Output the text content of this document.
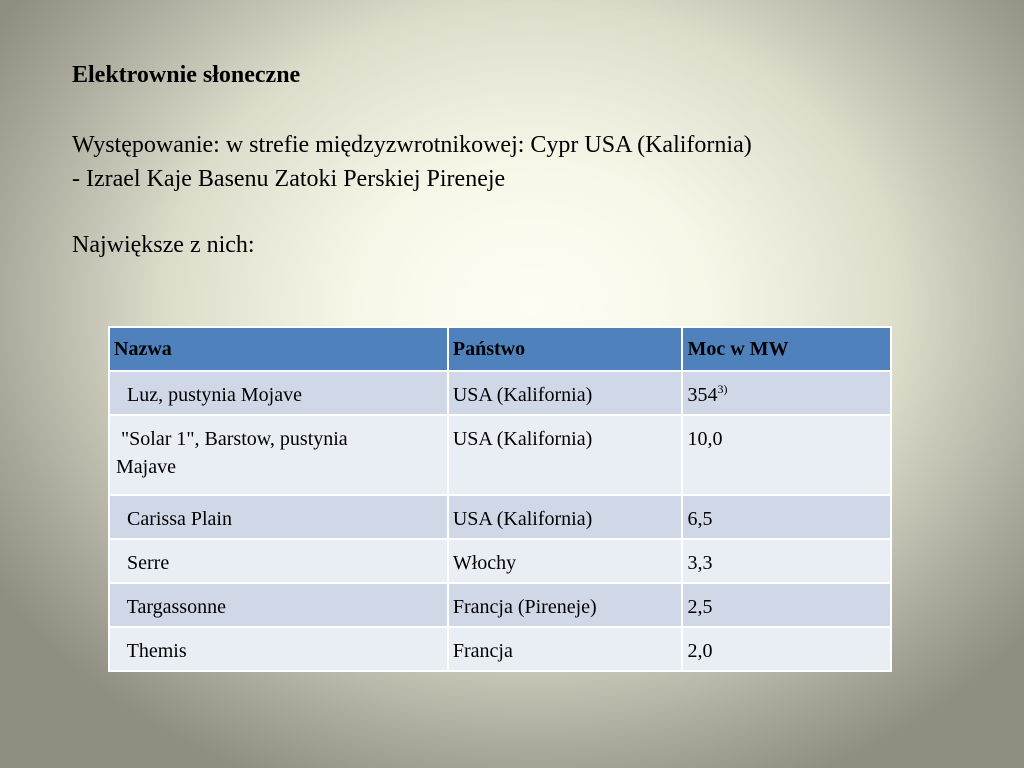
Elektrownie słoneczne

Występowanie: w strefie międzyzwrotnikowej: Cypr USA (Kalifornia)

- Izrael Kaje Basenu Zatoki Perskiej Pireneje

Największe z nich:

Nazwa	Państwo	Moc w MW

Luz, pustynia Mojave	USA (Kalifornia)	354$^{3)}$

"Solar 1", Barstow, pustynia
Majave	USA (Kalifornia)	10,0

Carissa Plain	USA (Kalifornia)	6,5

Serre	Włochy	3,3

Targassonne	Francja (Pireneje)	2,5

Themis	Francja	2,0
